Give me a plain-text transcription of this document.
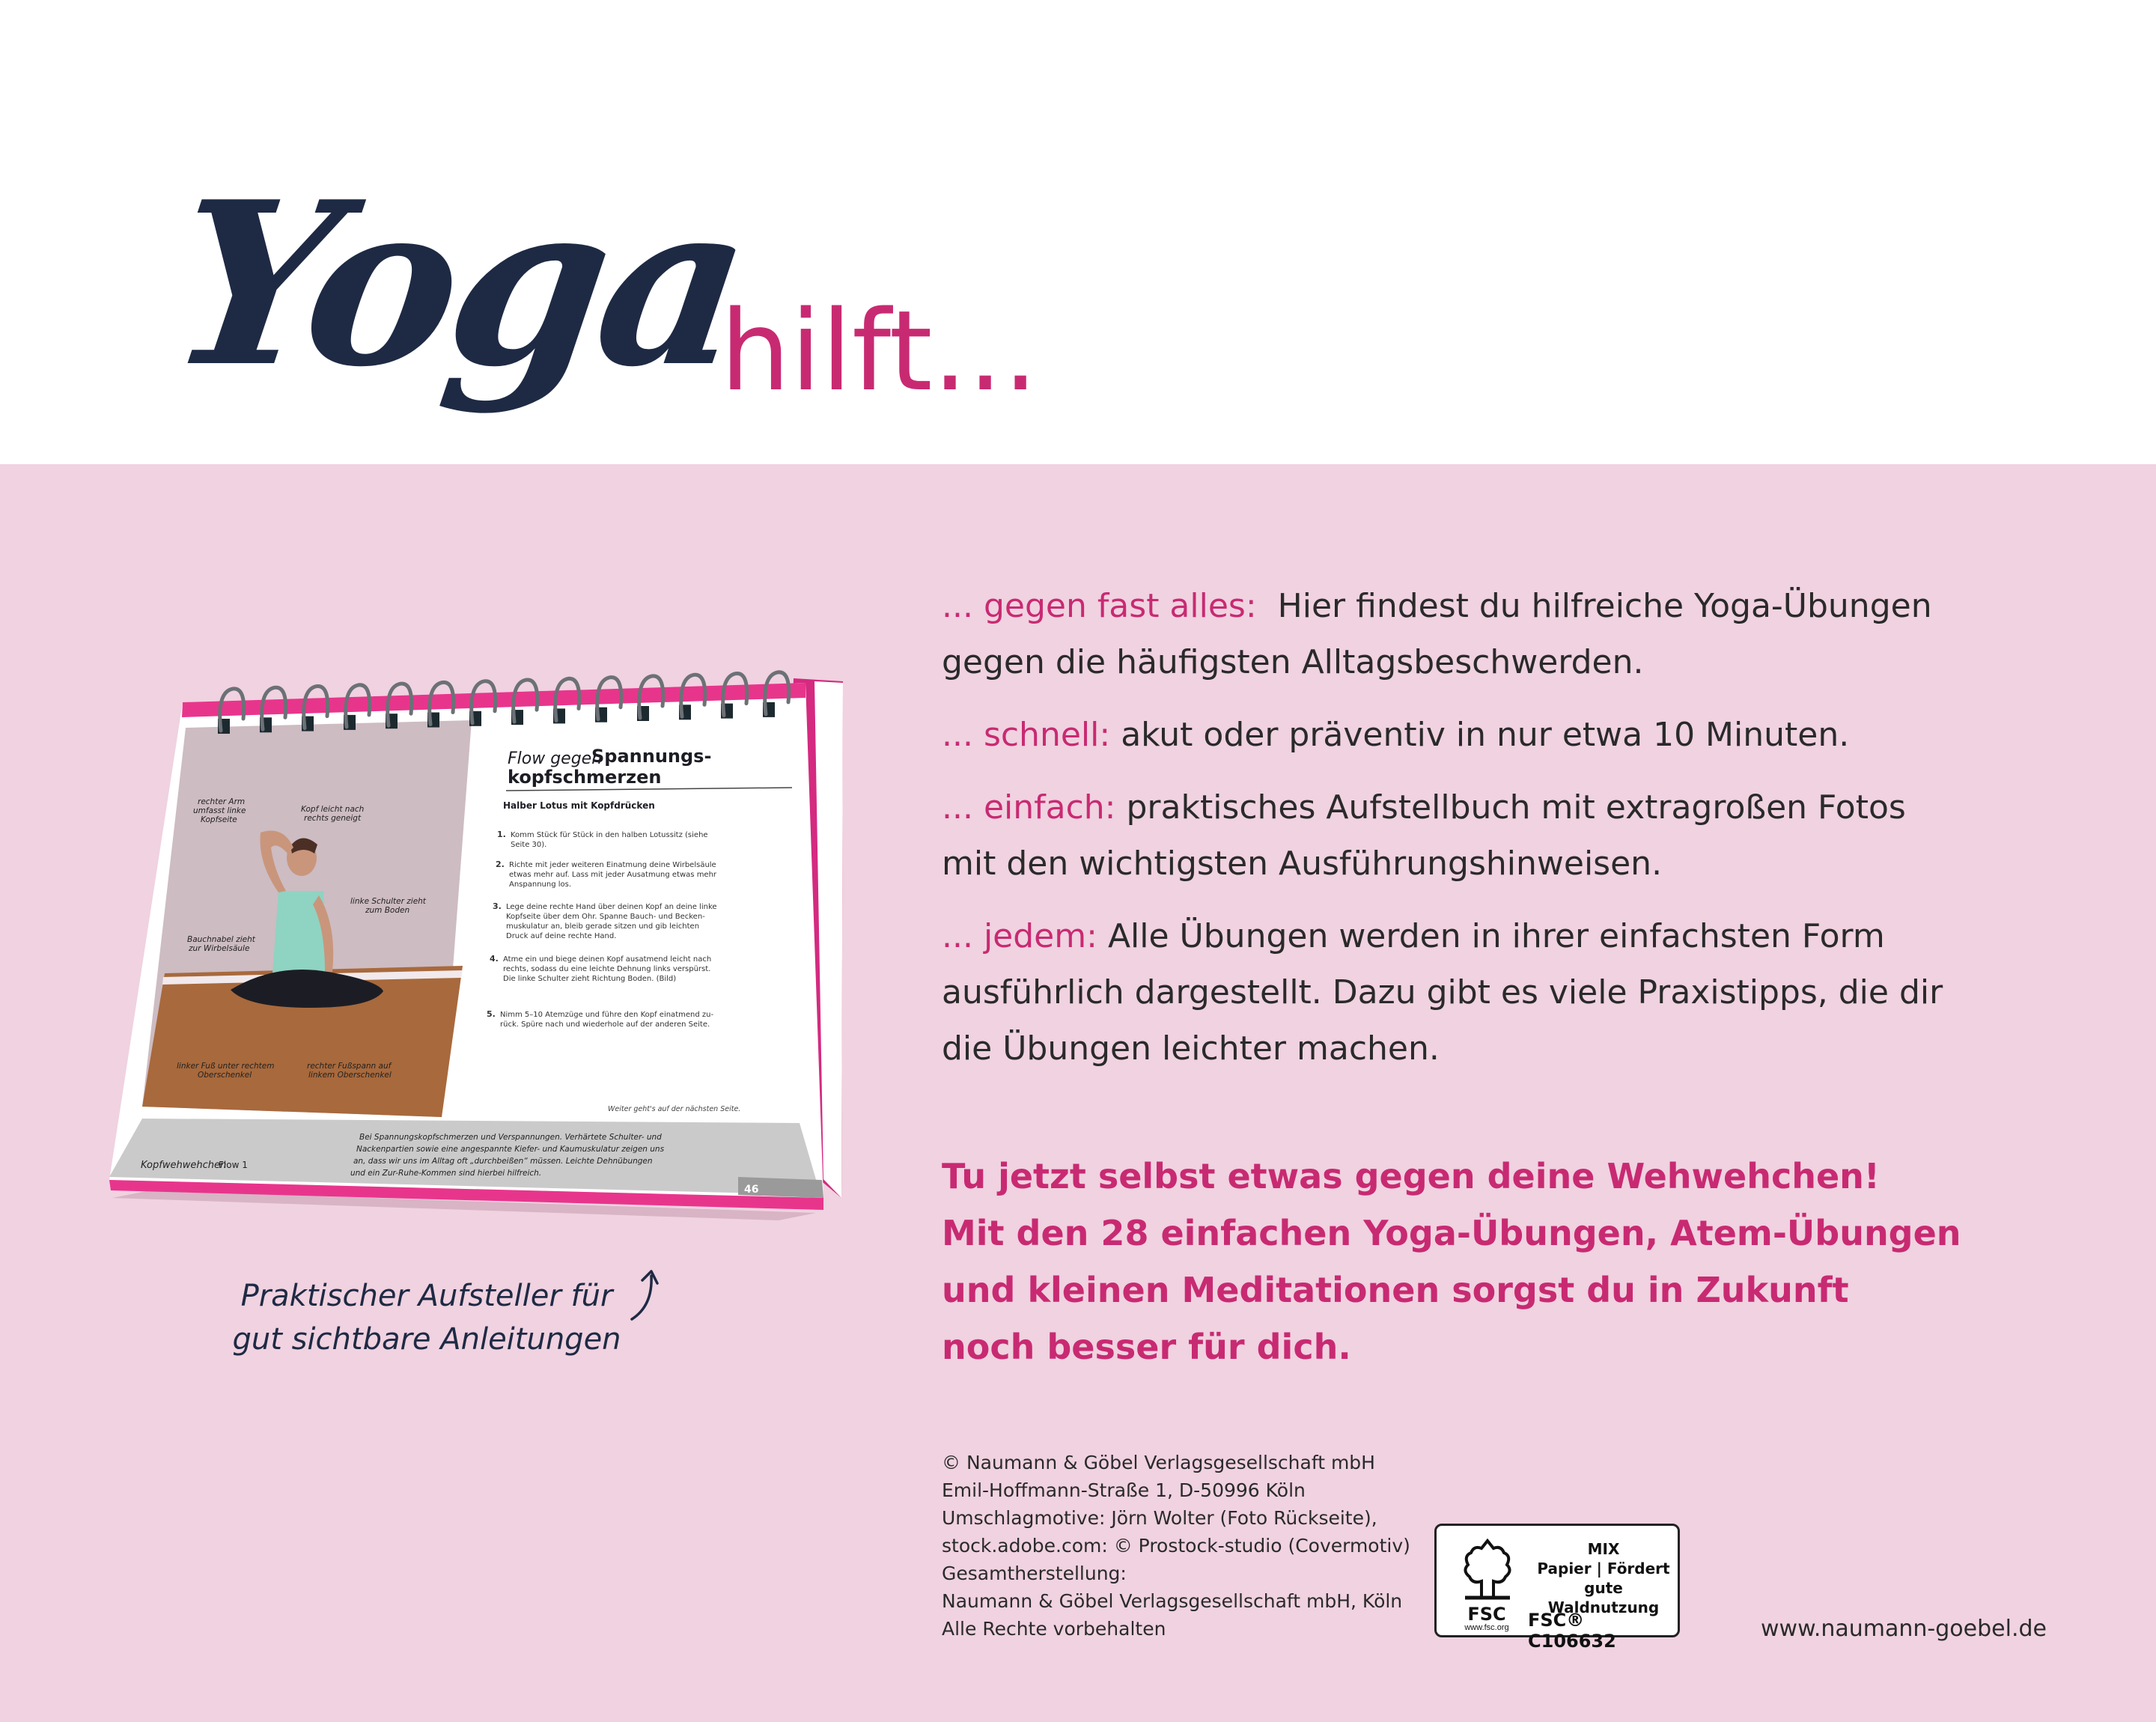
Yoga
hilft...
rechter Arm
umfasst linke
Kopfseite
Kopf leicht nach
rechts geneigt
linke Schulter zieht
zum Boden
Bauchnabel zieht
zur Wirbelsäule
linker Fuß unter rechtem
Oberschenkel
rechter Fußspann auf
linkem Oberschenkel
Flow gegen
Spannungs-
kopfschmerzen
Halber Lotus mit Kopfdrücken
1. Komm Stück für Stück in den halben Lotussitz (siehe
Seite 30).
2. Richte mit jeder weiteren Einatmung deine Wirbelsäule
etwas mehr auf. Lass mit jeder Ausatmung etwas mehr
Anspannung los.
3. Lege deine rechte Hand über deinen Kopf an deine linke
Kopfseite über dem Ohr. Spanne Bauch- und Becken-
muskulatur an, bleib gerade sitzen und gib leichten
Druck auf deine rechte Hand.
4. Atme ein und biege deinen Kopf ausatmend leicht nach
rechts, sodass du eine leichte Dehnung links verspürst.
Die linke Schulter zieht Richtung Boden. (Bild)
5. Nimm 5–10 Atemzüge und führe den Kopf einatmend zu-
rück. Spüre nach und wiederhole auf der anderen Seite.
Weiter geht's auf der nächsten Seite.
Kopfwehwehchen
Flow 1
Bei Spannungskopfschmerzen und Verspannungen. Verhärtete Schulter- und
Nackenpartien sowie eine angespannte Kiefer- und Kaumuskulatur zeigen uns
an, dass wir uns im Alltag oft „durchbeißen“ müssen. Leichte Dehnübungen
und ein Zur-Ruhe-Kommen sind hierbei hilfreich.
46
Praktischer Aufsteller für
gut sichtbare Anleitungen
... gegen fast alles: Hier findest du hilfreiche Yoga-Übungen
gegen die häufigsten Alltagsbeschwerden.
... schnell: akut oder präventiv in nur etwa 10 Minuten.
... einfach: praktisches Aufstellbuch mit extragroßen Fotos
mit den wichtigsten Ausführungshinweisen.
... jedem: Alle Übungen werden in ihrer einfachsten Form
ausführlich dargestellt. Dazu gibt es viele Praxistipps, die dir
die Übungen leichter machen.
Tu jetzt selbst etwas gegen deine Wehwehchen!
Mit den 28 einfachen Yoga-Übungen, Atem-Übungen
und kleinen Meditationen sorgst du in Zukunft
noch besser für dich.
© Naumann & Göbel Verlagsgesellschaft mbH
Emil-Hoffmann-Straße 1, D-50996 Köln
Umschlagmotive: Jörn Wolter (Foto Rückseite),
stock.adobe.com: © Prostock-studio (Covermotiv)
Gesamtherstellung:
Naumann & Göbel Verlagsgesellschaft mbH, Köln
Alle Rechte vorbehalten
FSC
www.fsc.org
MIX
Papier | Fördert
gute Waldnutzung
FSC® C106632	www.naumann-goebel.de
